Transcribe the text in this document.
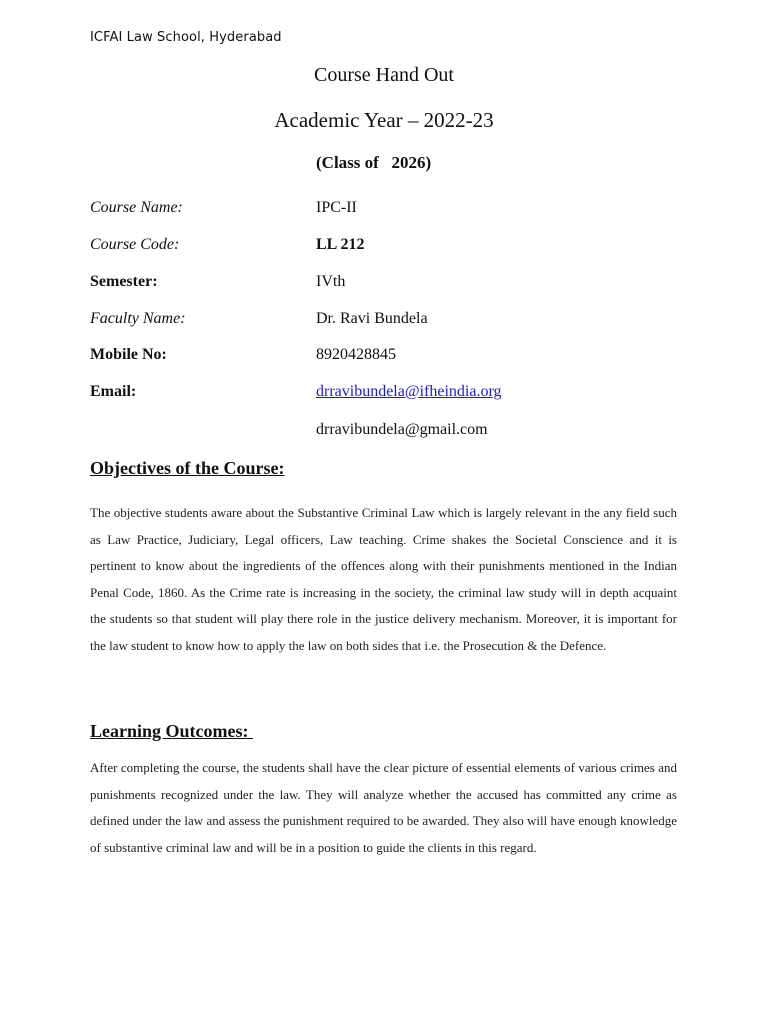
ICFAI Law School, Hyderabad
Course Hand Out
Academic Year – 2022-23
(Class of   2026)
Course Name:	IPC-II
Course Code:	LL 212
Semester:	IVth
Faculty Name:	Dr. Ravi Bundela
Mobile No:	8920428845
Email:	drravibundela@ifheindia.org
drravibundela@gmail.com
Objectives of the Course:
The objective students aware about the Substantive Criminal Law which is largely relevant in the any field such as Law Practice, Judiciary, Legal officers, Law teaching. Crime shakes the Societal Conscience and it is pertinent to know about the ingredients of the offences along with their punishments mentioned in the Indian Penal Code, 1860. As the Crime rate is increasing in the society, the criminal law study will in depth acquaint the students so that student will play there role in the justice delivery mechanism. Moreover, it is important for the law student to know how to apply the law on both sides that i.e. the Prosecution & the Defence.
Learning Outcomes:
After completing the course, the students shall have the clear picture of essential elements of various crimes and punishments recognized under the law. They will analyze whether the accused has committed any crime as defined under the law and assess the punishment required to be awarded. They also will have enough knowledge of substantive criminal law and will be in a position to guide the clients in this regard.
